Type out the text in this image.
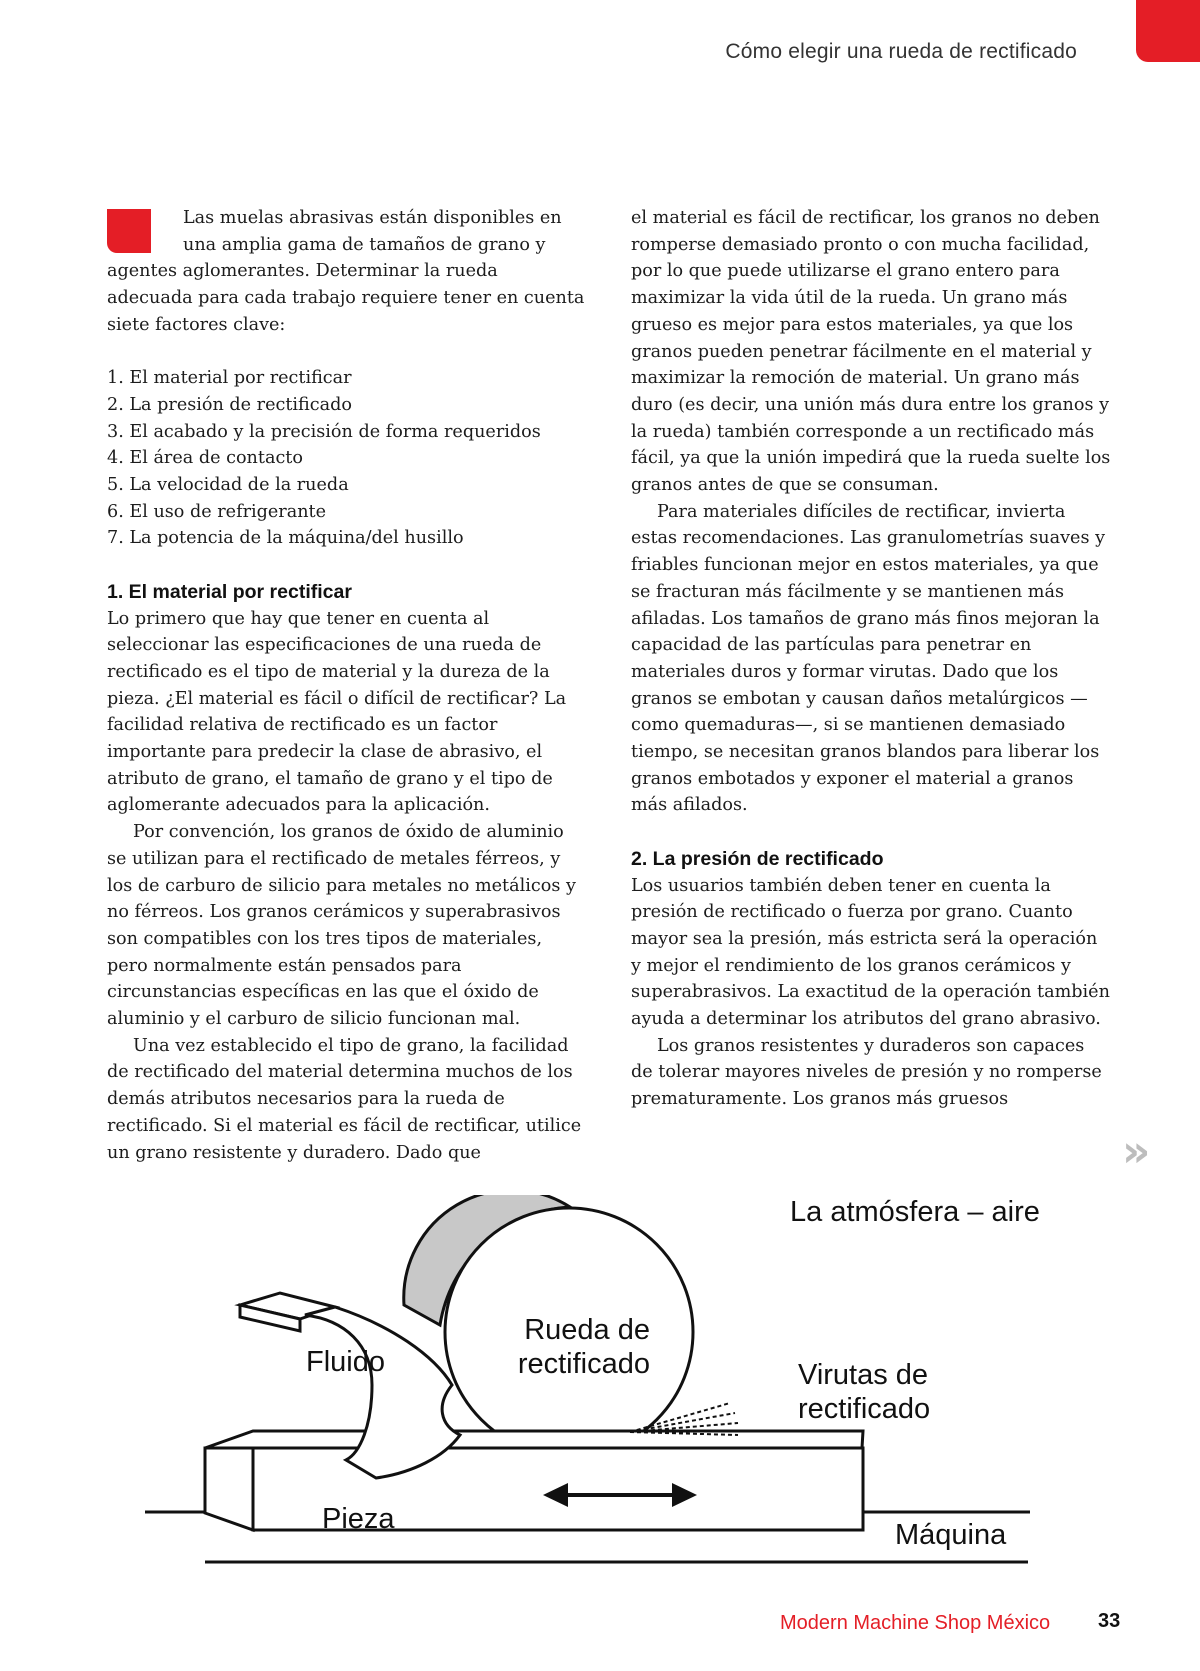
Cómo elegir una rueda de rectificado

Las muelas abrasivas están disponibles en una amplia gama de tamaños de grano y agentes aglomerantes. Determinar la rueda adecuada para cada trabajo requiere tener en cuenta siete factores clave:

1. El material por rectificar
2. La presión de rectificado
3. El acabado y la precisión de forma requeridos
4. El área de contacto
5. La velocidad de la rueda
6. El uso de refrigerante
7. La potencia de la máquina/del husillo
1. El material por rectificar

Lo primero que hay que tener en cuenta al seleccionar las especificaciones de una rueda de rectificado es el tipo de material y la dureza de la pieza. ¿El material es fácil o difícil de rectificar? La facilidad relativa de rectificado es un factor importante para predecir la clase de abrasivo, el atributo de grano, el tamaño de grano y el tipo de aglomerante adecuados para la aplicación.

Por convención, los granos de óxido de aluminio se utilizan para el rectificado de metales férreos, y los de carburo de silicio para metales no metálicos y no férreos. Los granos cerámicos y superabrasivos son compatibles con los tres tipos de materiales, pero normalmente están pensados para circunstancias específicas en las que el óxido de aluminio y el carburo de silicio funcionan mal.

Una vez establecido el tipo de grano, la facilidad de rectificado del material determina muchos de los demás atributos necesarios para la rueda de rectificado. Si el material es fácil de rectificar, utilice un grano resistente y duradero. Dado que

el material es fácil de rectificar, los granos no deben romperse demasiado pronto o con mucha facilidad, por lo que puede utilizarse el grano entero para maximizar la vida útil de la rueda. Un grano más grueso es mejor para estos materiales, ya que los granos pueden penetrar fácilmente en el material y maximizar la remoción de material. Un grano más duro (es decir, una unión más dura entre los granos y la rueda) también corresponde a un rectificado más fácil, ya que la unión impedirá que la rueda suelte los granos antes de que se consuman.

Para materiales difíciles de rectificar, invierta estas recomendaciones. Las granulometrías suaves y friables funcionan mejor en estos materiales, ya que se fracturan más fácilmente y se mantienen más afiladas. Los tamaños de grano más finos mejoran la capacidad de las partículas para penetrar en materiales duros y formar virutas. Dado que los granos se embotan y causan daños metalúrgicos —como quemaduras—, si se mantienen demasiado tiempo, se necesitan granos blandos para liberar los granos embotados y exponer el material a granos más afilados.

2. La presión de rectificado

Los usuarios también deben tener en cuenta la presión de rectificado o fuerza por grano. Cuanto mayor sea la presión, más estricta será la operación y mejor el rendimiento de los granos cerámicos y superabrasivos. La exactitud de la operación también ayuda a determinar los atributos del grano abrasivo.

Los granos resistentes y duraderos son capaces de tolerar mayores niveles de presión y no romperse prematuramente. Los granos más gruesos

»
La atmósfera – aire
Rueda de
rectificado
Fluido	Virutas de
rectificado
Pieza	Máquina
Modern Machine Shop México 33
